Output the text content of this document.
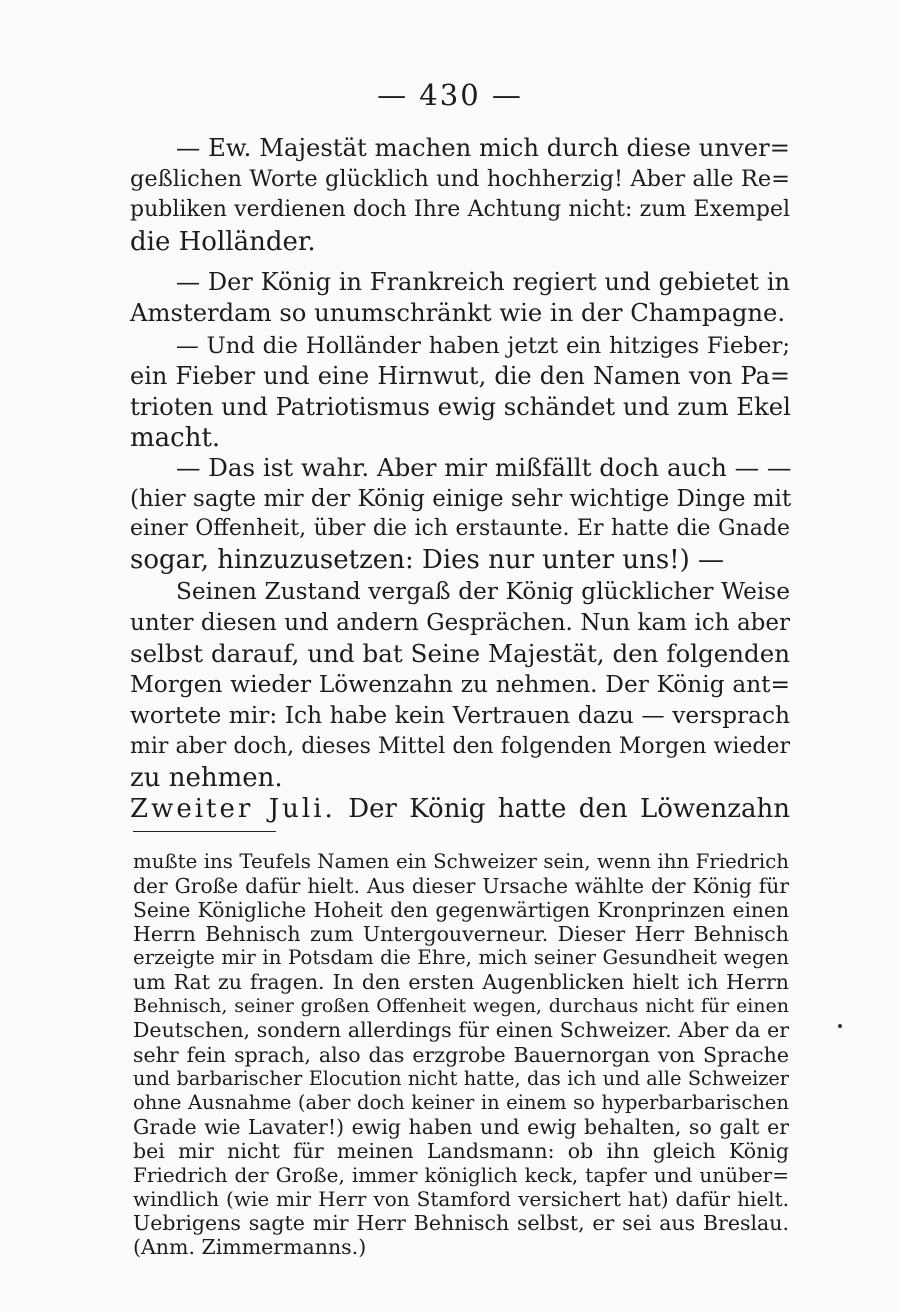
— 430 —
— Ew. Majestät machen mich durch diese unver=
geßlichen Worte glücklich und hochherzig! Aber alle Re=
publiken verdienen doch Ihre Achtung nicht: zum Exempel
die Holländer.
— Der König in Frankreich regiert und gebietet in
Amsterdam so unumschränkt wie in der Champagne.
— Und die Holländer haben jetzt ein hitziges Fieber;
ein Fieber und eine Hirnwut, die den Namen von Pa=
trioten und Patriotismus ewig schändet und zum Ekel
macht.
— Das ist wahr. Aber mir mißfällt doch auch — —
(hier sagte mir der König einige sehr wichtige Dinge mit
einer Offenheit, über die ich erstaunte. Er hatte die Gnade
sogar, hinzuzusetzen: Dies nur unter uns!) —
Seinen Zustand vergaß der König glücklicher Weise
unter diesen und andern Gesprächen. Nun kam ich aber
selbst darauf, und bat Seine Majestät, den folgenden
Morgen wieder Löwenzahn zu nehmen. Der König ant=
wortete mir: Ich habe kein Vertrauen dazu — versprach
mir aber doch, dieses Mittel den folgenden Morgen wieder
zu nehmen.
Zweiter Juli. Der König hatte den Löwenzahn
mußte ins Teufels Namen ein Schweizer sein, wenn ihn Friedrich
der Große dafür hielt. Aus dieser Ursache wählte der König für
Seine Königliche Hoheit den gegenwärtigen Kronprinzen einen
Herrn Behnisch zum Untergouverneur. Dieser Herr Behnisch
erzeigte mir in Potsdam die Ehre, mich seiner Gesundheit wegen
um Rat zu fragen. In den ersten Augenblicken hielt ich Herrn
Behnisch, seiner großen Offenheit wegen, durchaus nicht für einen
Deutschen, sondern allerdings für einen Schweizer. Aber da er
sehr fein sprach, also das erzgrobe Bauernorgan von Sprache
und barbarischer Elocution nicht hatte, das ich und alle Schweizer
ohne Ausnahme (aber doch keiner in einem so hyperbarbarischen
Grade wie Lavater!) ewig haben und ewig behalten, so galt er
bei mir nicht für meinen Landsmann: ob ihn gleich König
Friedrich der Große, immer königlich keck, tapfer und unüber=
windlich (wie mir Herr von Stamford versichert hat) dafür hielt.
Uebrigens sagte mir Herr Behnisch selbst, er sei aus Breslau.
(Anm. Zimmermanns.)
